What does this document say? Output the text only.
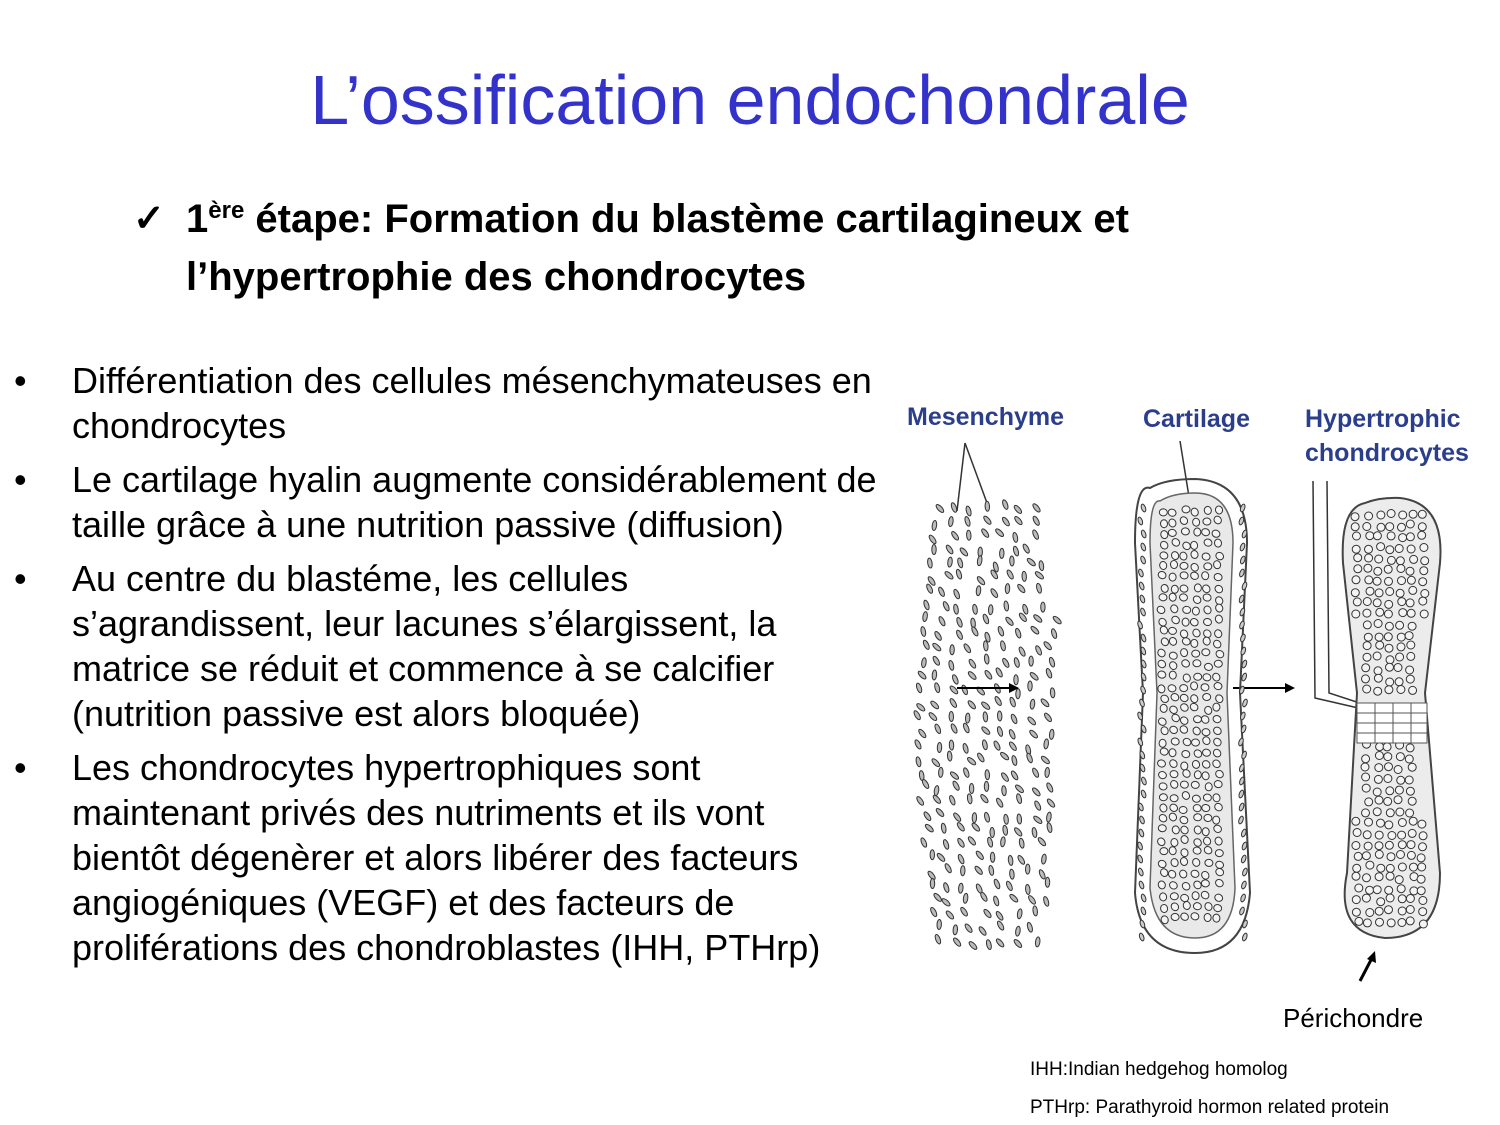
L’ossification endochondrale
✓ 1ère étape: Formation du blastème cartilagineux et
l’hypertrophie des chondrocytes
• Différentiation des cellules mésenchymateuses en chondrocytes
• Le cartilage hyalin augmente considérablement de taille grâce à une nutrition passive (diffusion)
• Au centre du blastéme, les cellules s’agrandissent, leur lacunes s’élargissent, la matrice se réduit et commence à se calcifier (nutrition passive est alors bloquée)
• Les chondrocytes hypertrophiques sont maintenant privés des nutriments et ils vont bientôt dégenèrer et alors libérer des facteurs angiogéniques (VEGF) et des facteurs de proliférations des chondroblastes (IHH, PTHrp)
Mesenchyme	Cartilage Hypertrophic
chondrocytes
Périchondre
IHH:Indian hedgehog homolog
PTHrp: Parathyroid hormon related protein
